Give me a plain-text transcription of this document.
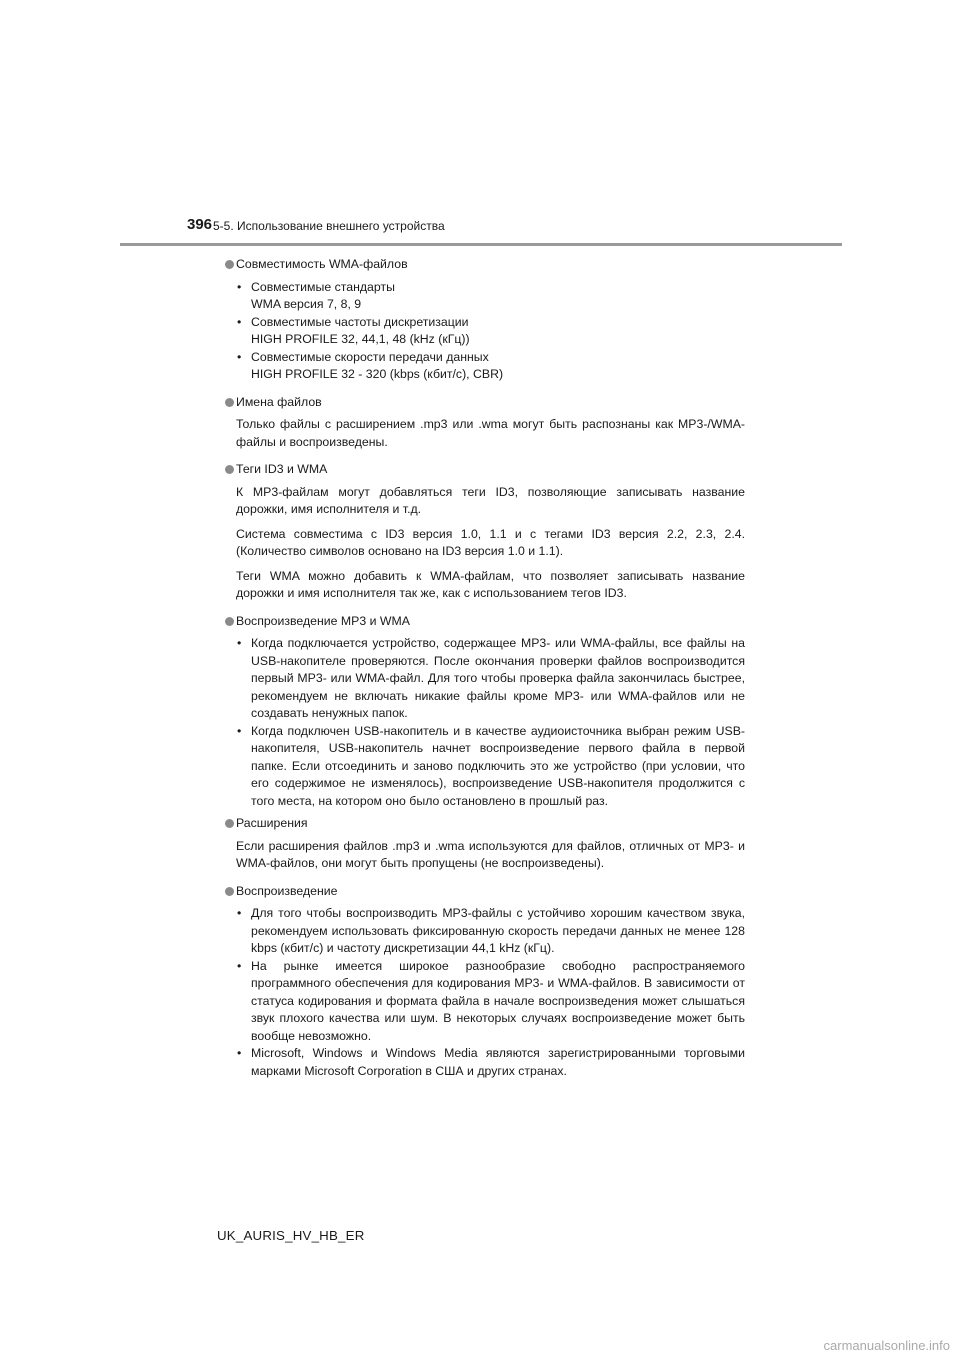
396 5-5. Использование внешнего устройства
Совместимость WMA-файлов
• Совместимые стандарты
WMA версия 7, 8, 9
• Совместимые частоты дискретизации
HIGH PROFILE 32, 44,1, 48 (kHz (кГц))
• Совместимые скорости передачи данных
HIGH PROFILE 32 - 320 (kbps (кбит/с), CBR)
Имена файлов

Только файлы с расширением .mp3 или .wma могут быть распознаны как MP3-/WMA-файлы и воспроизведены.

Теги ID3 и WMA

К MP3-файлам могут добавляться теги ID3, позволяющие записывать название дорожки, имя исполнителя и т.д.

Система совместима с ID3 версия 1.0, 1.1 и с тегами ID3 версия 2.2, 2.3, 2.4. (Количество символов основано на ID3 версия 1.0 и 1.1).

Теги WMA можно добавить к WMA-файлам, что позволяет записывать название дорожки и имя исполнителя так же, как с использованием тегов ID3.

Воспроизведение MP3 и WMA
• Когда подключается устройство, содержащее MP3- или WMA-файлы, все файлы на USB-накопителе проверяются. После окончания проверки файлов воспроизводится первый MP3- или WMA-файл. Для того чтобы проверка файла закончилась быстрее, рекомендуем не включать никакие файлы кроме MP3- или WMA-файлов или не создавать ненужных папок.
• Когда подключен USB-накопитель и в качестве аудиоисточника выбран режим USB-накопителя, USB-накопитель начнет воспроизведение первого файла в первой папке. Если отсоединить и заново подключить это же устройство (при условии, что его содержимое не изменялось), воспроизведение USB-накопителя продолжится с того места, на котором оно было остановлено в прошлый раз.
Расширения

Если расширения файлов .mp3 и .wma используются для файлов, отличных от MP3- и WMA-файлов, они могут быть пропущены (не воспроизведены).

Воспроизведение
• Для того чтобы воспроизводить MP3-файлы с устойчиво хорошим качеством звука, рекомендуем использовать фиксированную скорость передачи данных не менее 128 kbps (кбит/с) и частоту дискретизации 44,1 kHz (кГц).
• На рынке имеется широкое разнообразие свободно распространяемого программного обеспечения для кодирования MP3- и WMA-файлов. В зависимости от статуса кодирования и формата файла в начале воспроизведения может слышаться звук плохого качества или шум. В некоторых случаях воспроизведение может быть вообще невозможно.
• Microsoft, Windows и Windows Media являются зарегистрированными торговыми марками Microsoft Corporation в США и других странах.
UK_AURIS_HV_HB_ER
carmanualsonline.info
